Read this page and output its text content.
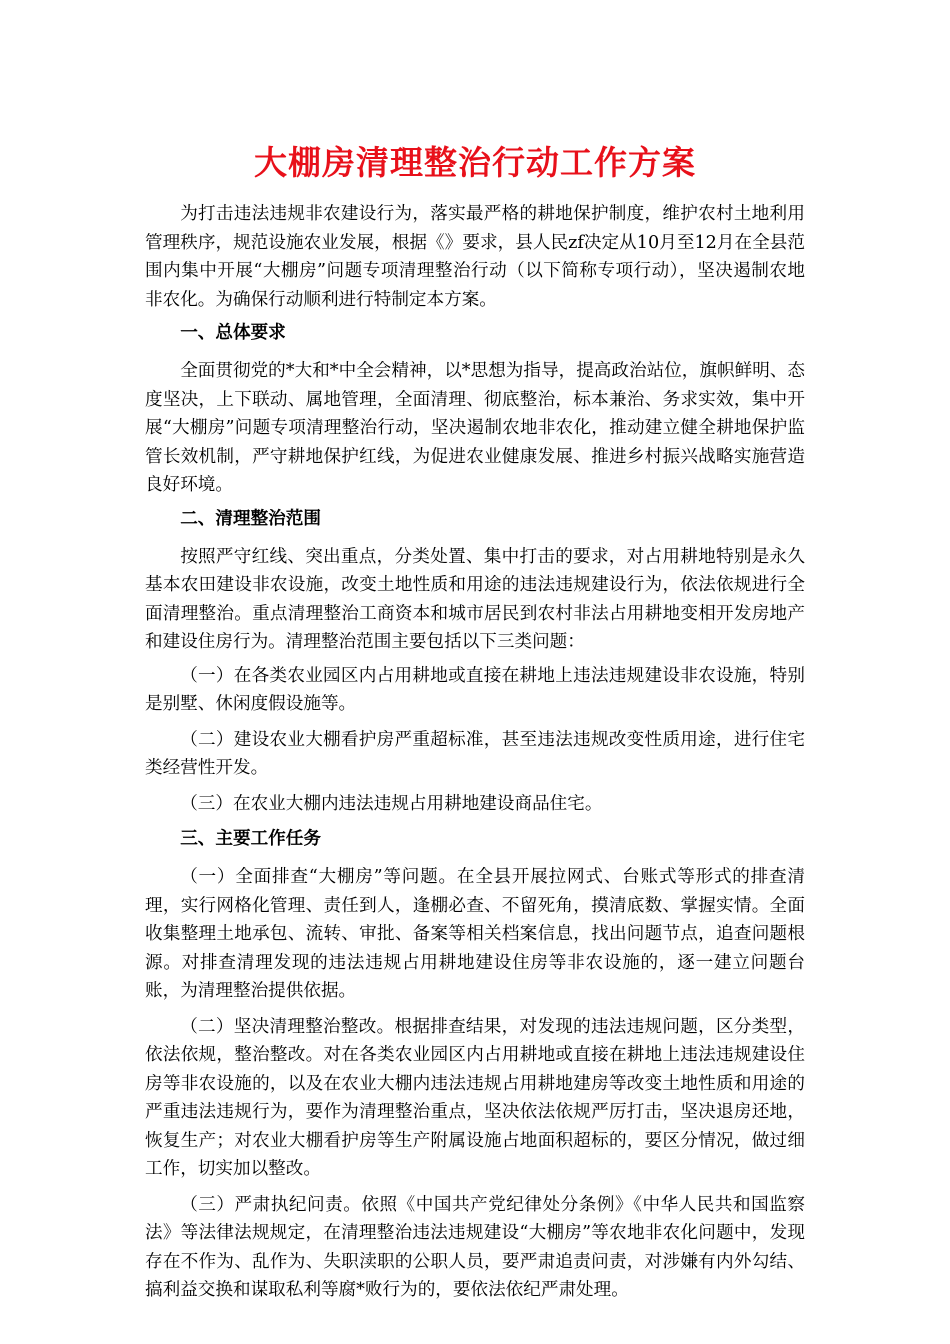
大棚房清理整治行动工作方案

为打击违法违规非农建设行为，落实最严格的耕地保护制度，维护农村土地利用管理秩序，规范设施农业发展，根据《》要求，县人民zf决定从10月至12月在全县范围内集中开展“大棚房”问题专项清理整治行动（以下简称专项行动），坚决遏制农地非农化。为确保行动顺利进行特制定本方案。

一、总体要求

全面贯彻党的*大和*中全会精神，以*思想为指导，提高政治站位，旗帜鲜明、态度坚决，上下联动、属地管理，全面清理、彻底整治，标本兼治、务求实效，集中开展“大棚房”问题专项清理整治行动，坚决遏制农地非农化，推动建立健全耕地保护监管长效机制，严守耕地保护红线，为促进农业健康发展、推进乡村振兴战略实施营造良好环境。

二、清理整治范围

按照严守红线、突出重点，分类处置、集中打击的要求，对占用耕地特别是永久基本农田建设非农设施，改变土地性质和用途的违法违规建设行为，依法依规进行全面清理整治。重点清理整治工商资本和城市居民到农村非法占用耕地变相开发房地产和建设住房行为。清理整治范围主要包括以下三类问题：

（一）在各类农业园区内占用耕地或直接在耕地上违法违规建设非农设施，特别是别墅、休闲度假设施等。

（二）建设农业大棚看护房严重超标准，甚至违法违规改变性质用途，进行住宅类经营性开发。

（三）在农业大棚内违法违规占用耕地建设商品住宅。

三、主要工作任务

（一）全面排查“大棚房”等问题。在全县开展拉网式、台账式等形式的排查清理，实行网格化管理、责任到人，逢棚必查、不留死角，摸清底数、掌握实情。全面收集整理土地承包、流转、审批、备案等相关档案信息，找出问题节点，追查问题根源。对排查清理发现的违法违规占用耕地建设住房等非农设施的，逐一建立问题台账，为清理整治提供依据。

（二）坚决清理整治整改。根据排查结果，对发现的违法违规问题，区分类型，依法依规，整治整改。对在各类农业园区内占用耕地或直接在耕地上违法违规建设住房等非农设施的，以及在农业大棚内违法违规占用耕地建房等改变土地性质和用途的严重违法违规行为，要作为清理整治重点，坚决依法依规严厉打击，坚决退房还地，恢复生产；对农业大棚看护房等生产附属设施占地面积超标的，要区分情况，做过细工作，切实加以整改。

（三）严肃执纪问责。依照《中国共产党纪律处分条例》《中华人民共和国监察法》等法律法规规定，在清理整治违法违规建设“大棚房”等农地非农化问题中，发现存在不作为、乱作为、失职渎职的公职人员，要严肃追责问责，对涉嫌有内外勾结、搞利益交换和谋取私利等腐*败行为的，要依法依纪严肃处理。
